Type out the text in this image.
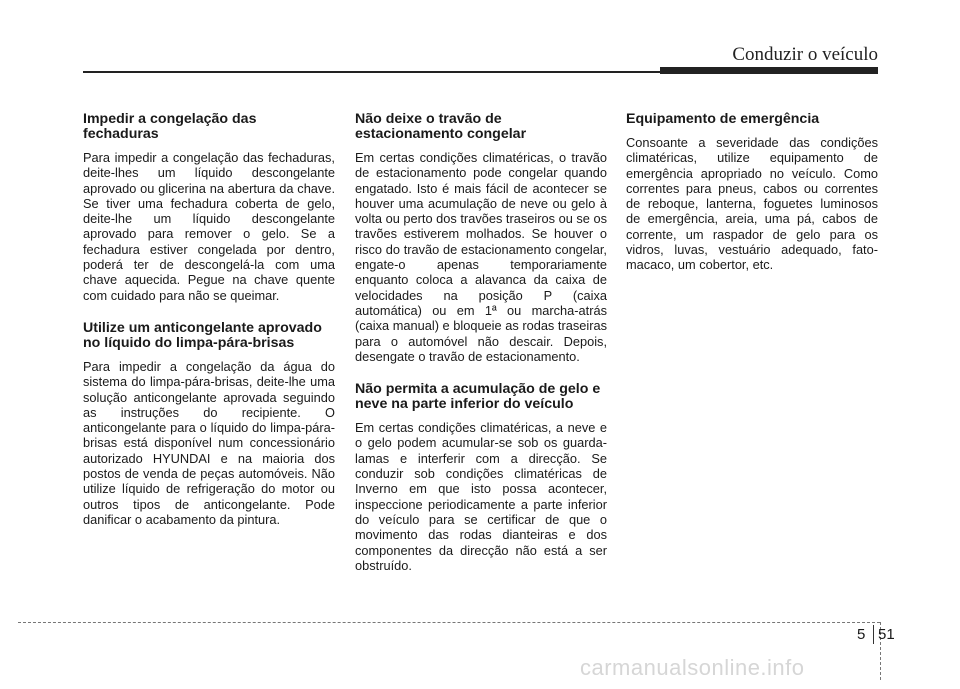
Conduzir o veículo
Impedir a congelação das fechaduras

Para impedir a congelação das fechaduras, deite-lhes um líquido descongelante aprovado ou glicerina na abertura da chave. Se tiver uma fechadura coberta de gelo, deite-lhe um líquido descongelante aprovado para remover o gelo. Se a fechadura estiver congelada por dentro, poderá ter de descongelá-la com uma chave aquecida. Pegue na chave quente com cuidado para não se queimar.

Utilize um anticongelante aprovado no líquido do limpa-pára-brisas

Para impedir a congelação da água do sistema do limpa-pára-brisas, deite-lhe uma solução anticongelante aprovada seguindo as instruções do recipiente. O anticongelante para o líquido do limpa-pára-brisas está disponível num concessionário autorizado HYUNDAI e na maioria dos postos de venda de peças automóveis. Não utilize líquido de refrigeração do motor ou outros tipos de anticongelante. Pode danificar o acabamento da pintura.

Não deixe o travão de estacionamento congelar

Em certas condições climatéricas, o travão de estacionamento pode congelar quando engatado. Isto é mais fácil de acontecer se houver uma acumulação de neve ou gelo à volta ou perto dos travões traseiros ou se os travões estiverem molhados. Se houver o risco do travão de estacionamento congelar, engate-o apenas temporariamente enquanto coloca a alavanca da caixa de velocidades na posição P (caixa automática) ou em 1ª ou marcha-atrás (caixa manual) e bloqueie as rodas traseiras para o automóvel não descair. Depois, desengate o travão de estacionamento.

Não permita a acumulação de gelo e neve na parte inferior do veículo

Em certas condições climatéricas, a neve e o gelo podem acumular-se sob os guarda-lamas e interferir com a direcção. Se conduzir sob condições climatéricas de Inverno em que isto possa acontecer, inspeccione periodicamente a parte inferior do veículo para se certificar de que o movimento das rodas dianteiras e dos componentes da direcção não está a ser obstruído.

Equipamento de emergência

Consoante a severidade das condições climatéricas, utilize equipamento de emergência apropriado no veículo. Como correntes para pneus, cabos ou correntes de reboque, lanterna, foguetes luminosos de emergência, areia, uma pá, cabos de corrente, um raspador de gelo para os vidros, luvas, vestuário adequado, fato-macaco, um cobertor, etc.

5 51
carmanualsonline.info
